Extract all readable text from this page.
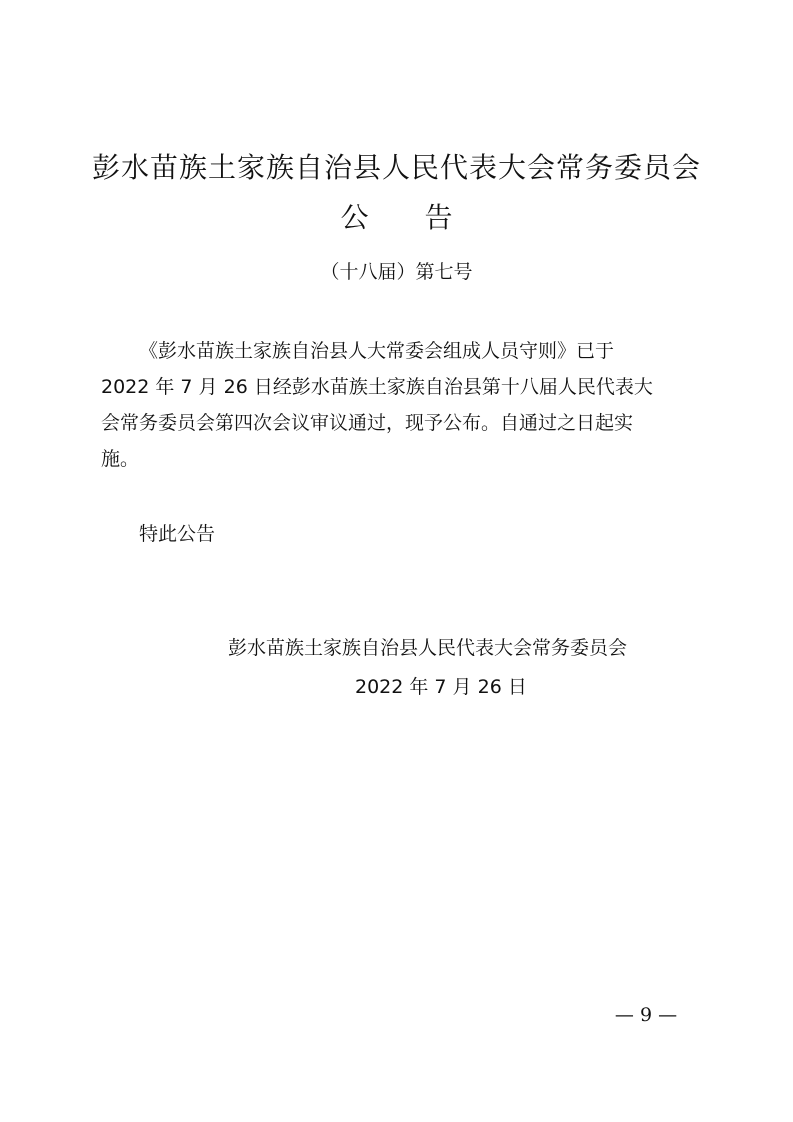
彭水苗族土家族自治县人民代表大会常务委员会
公 告
（十八届）第七号
《彭水苗族土家族自治县人大常委会组成人员守则》已于
2022 年 7 月 26 日经彭水苗族土家族自治县第十八届人民代表大
会常务委员会第四次会议审议通过，现予公布。自通过之日起实
施。
特此公告
彭水苗族土家族自治县人民代表大会常务委员会
2022 年 7 月 26 日
— 9 —
